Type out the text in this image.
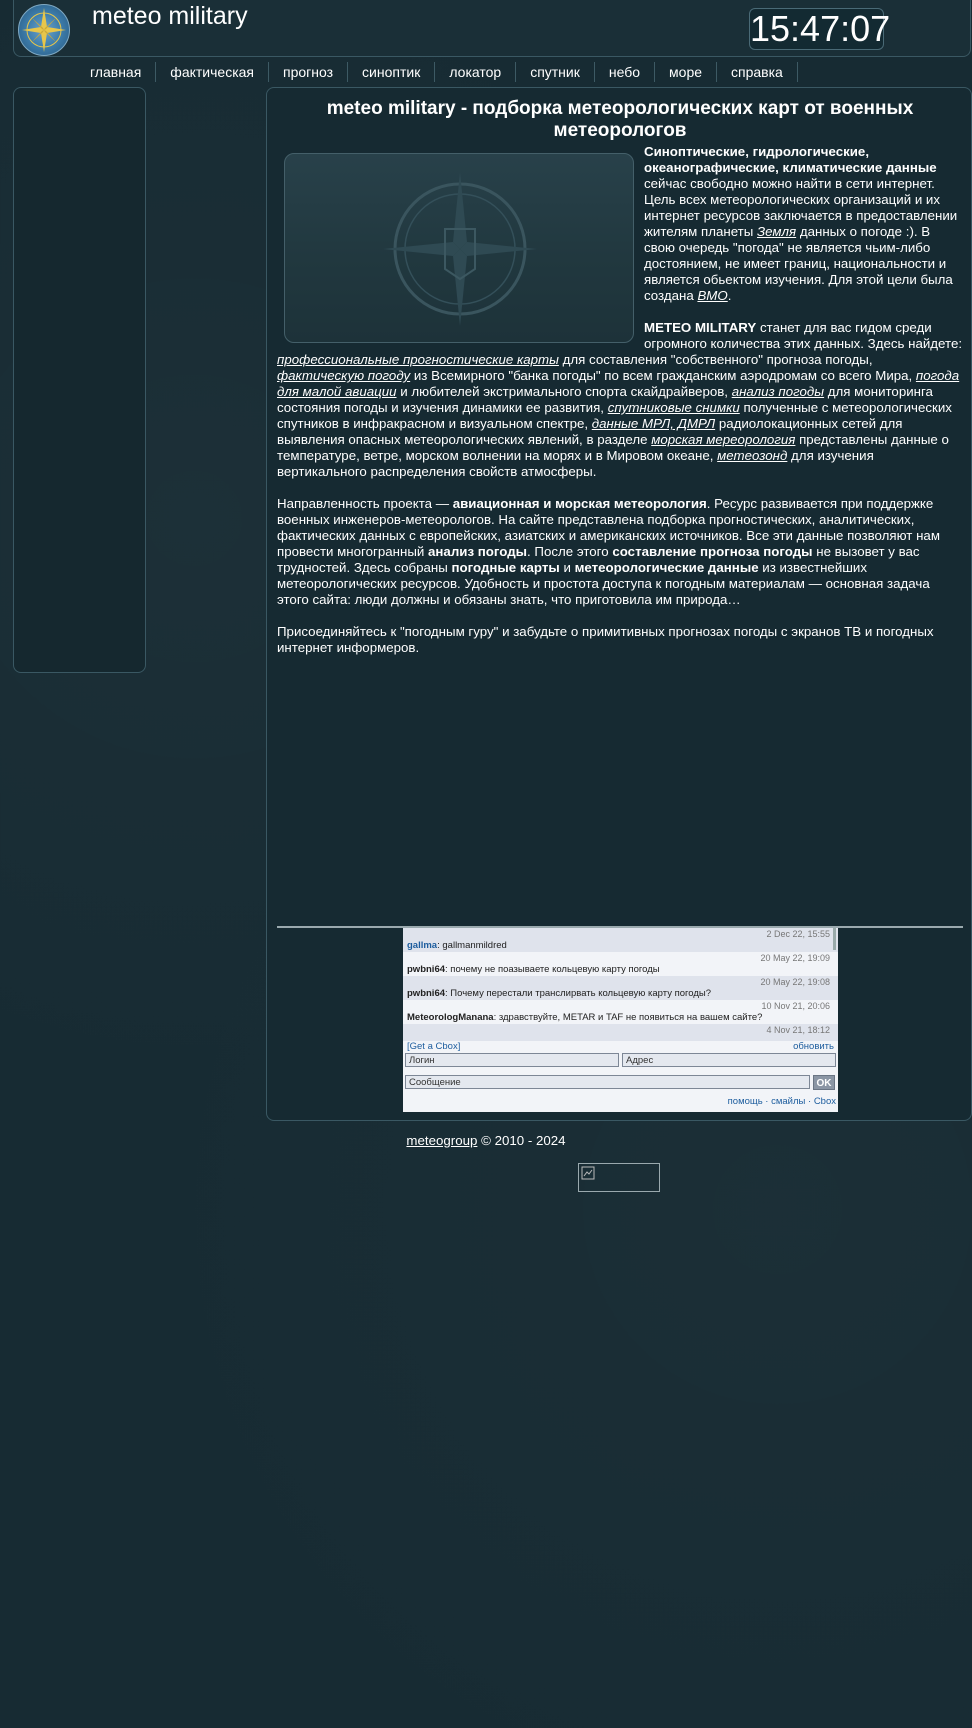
meteo military	15:47:07
главная	фактическая	прогноз	синоптик	локатор	спутник	небо	море	справка
meteo military - подборка метеорологических карт от военных метеорологов

Синоптические, гидрологические, океанографические, климатические данные сейчас свободно можно найти в сети интернет. Цель всех метеорологических организаций и их интернет ресурсов заключается в предоставлении жителям планеты Земля данных о погоде :). В свою очередь "погода" не является чьим-либо достоянием, не имеет границ, национальности и является обьектом изучения. Для этой цели была создана ВМО.

METEO MILITARY станет для вас гидом среди огромного количества этих данных. Здесь найдете: профессиональные прогностические карты для составления "собственного" прогноза погоды, фактическую погоду из Всемирного "банка погоды" по всем гражданским аэродромам со всего Мира, погода для малой авиации и любителей экстримального спорта скайдрайверов, анализ погоды для мониторинга состояния погоды и изучения динамики ее развития, спутниковые снимки полученные с метеорологических спутников в инфракрасном и визуальном спектре, данные МРЛ, ДМРЛ радиолокационных сетей для выявления опасных метеорологических явлений, в разделе морская мереорология представлены данные о температуре, ветре, морском волнении на морях и в Мировом океане, метеозонд для изучения вертикального распределения свойств атмосферы.

Направленность проекта — авиационная и морская метеорология. Ресурс развивается при поддержке военных инженеров-метеорологов. На сайте представлена подборка прогностических, аналитических, фактических данных с европейских, азиатских и американских источников. Все эти данные позволяют нам провести многогранный анализ погоды. После этого составление прогноза погоды не вызовет у вас трудностей. Здесь собраны погодные карты и метеорологические данные из известнейших метеорологических ресурсов. Удобность и простота доступа к погодным материалам — основная задача этого сайта: люди должны и обязаны знать, что приготовила им природа…

Присоединяйтесь к "погодным гуру" и забудьте о примитивных прогнозах погоды с экранов ТВ и погодных интернет информеров.

2 Dec 22, 15:55
gallma: gallmanmildred
20 May 22, 19:09
pwbni64: почему не поазываете кольцевую карту погоды
20 May 22, 19:08
pwbni64: Почему перестали транслирвать кольцевую карту погоды?
10 Nov 21, 20:06
MeteorologManana: здравствуйте, METAR и TAF не появиться на вашем сайте?
4 Nov 21, 18:12
[Get a Cbox]	обновить
Логин	Адрес
Сообщение	OK
помощь · смайлы · Cbox
meteogroup © 2010 - 2024
